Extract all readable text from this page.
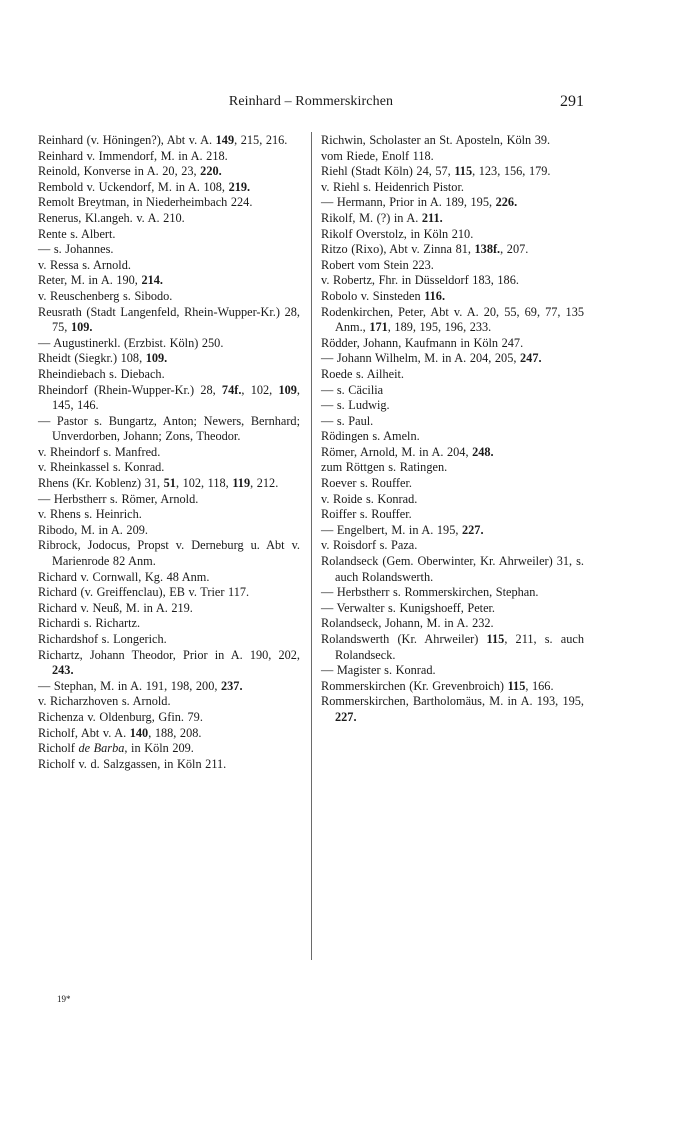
Reinhard – Rommerskirchen	291

Reinhard (v. Höningen?), Abt v. A. 149, 215, 216.

Reinhard v. Immendorf, M. in A. 218.

Reinold, Konverse in A. 20, 23, 220.

Rembold v. Uckendorf, M. in A. 108, 219.

Remolt Breytman, in Niederheimbach 224.

Renerus, Kl.angeh. v. A. 210.

Rente s. Albert.

— s. Johannes.

v. Ressa s. Arnold.

Reter, M. in A. 190, 214.

v. Reuschenberg s. Sibodo.

Reusrath (Stadt Langenfeld, Rhein-Wupper-Kr.) 28, 75, 109.

— Augustinerkl. (Erzbist. Köln) 250.

Rheidt (Siegkr.) 108, 109.

Rheindiebach s. Diebach.

Rheindorf (Rhein-Wupper-Kr.) 28, 74f., 102, 109, 145, 146.

— Pastor s. Bungartz, Anton; Newers, Bernhard; Unverdorben, Johann; Zons, Theodor.

v. Rheindorf s. Manfred.

v. Rheinkassel s. Konrad.

Rhens (Kr. Koblenz) 31, 51, 102, 118, 119, 212.

— Herbstherr s. Römer, Arnold.

v. Rhens s. Heinrich.

Ribodo, M. in A. 209.

Ribrock, Jodocus, Propst v. Derneburg u. Abt v. Marienrode 82 Anm.

Richard v. Cornwall, Kg. 48 Anm.

Richard (v. Greiffenclau), EB v. Trier 117.

Richard v. Neuß, M. in A. 219.

Richardi s. Richartz.

Richardshof s. Longerich.

Richartz, Johann Theodor, Prior in A. 190, 202, 243.

— Stephan, M. in A. 191, 198, 200, 237.

v. Richarzhoven s. Arnold.

Richenza v. Oldenburg, Gfin. 79.

Richolf, Abt v. A. 140, 188, 208.

Richolf de Barba, in Köln 209.

Richolf v. d. Salzgassen, in Köln 211.

Richwin, Scholaster an St. Aposteln, Köln 39.

vom Riede, Enolf 118.

Riehl (Stadt Köln) 24, 57, 115, 123, 156, 179.

v. Riehl s. Heidenrich Pistor.

— Hermann, Prior in A. 189, 195, 226.

Rikolf, M. (?) in A. 211.

Rikolf Overstolz, in Köln 210.

Ritzo (Rixo), Abt v. Zinna 81, 138f., 207.

Robert vom Stein 223.

v. Robertz, Fhr. in Düsseldorf 183, 186.

Robolo v. Sinsteden 116.

Rodenkirchen, Peter, Abt v. A. 20, 55, 69, 77, 135 Anm., 171, 189, 195, 196, 233.

Rödder, Johann, Kaufmann in Köln 247.

— Johann Wilhelm, M. in A. 204, 205, 247.

Roede s. Ailheit.

— s. Cäcilia

— s. Ludwig.

— s. Paul.

Rödingen s. Ameln.

Römer, Arnold, M. in A. 204, 248.

zum Röttgen s. Ratingen.

Roever s. Rouffer.

v. Roide s. Konrad.

Roiffer s. Rouffer.

— Engelbert, M. in A. 195, 227.

v. Roisdorf s. Paza.

Rolandseck (Gem. Oberwinter, Kr. Ahrweiler) 31, s. auch Rolandswerth.

— Herbstherr s. Rommerskirchen, Stephan.

— Verwalter s. Kunigshoeff, Peter.

Rolandseck, Johann, M. in A. 232.

Rolandswerth (Kr. Ahrweiler) 115, 211, s. auch Rolandseck.

— Magister s. Konrad.

Rommerskirchen (Kr. Grevenbroich) 115, 166.

Rommerskirchen, Bartholomäus, M. in A. 193, 195, 227.

19*
